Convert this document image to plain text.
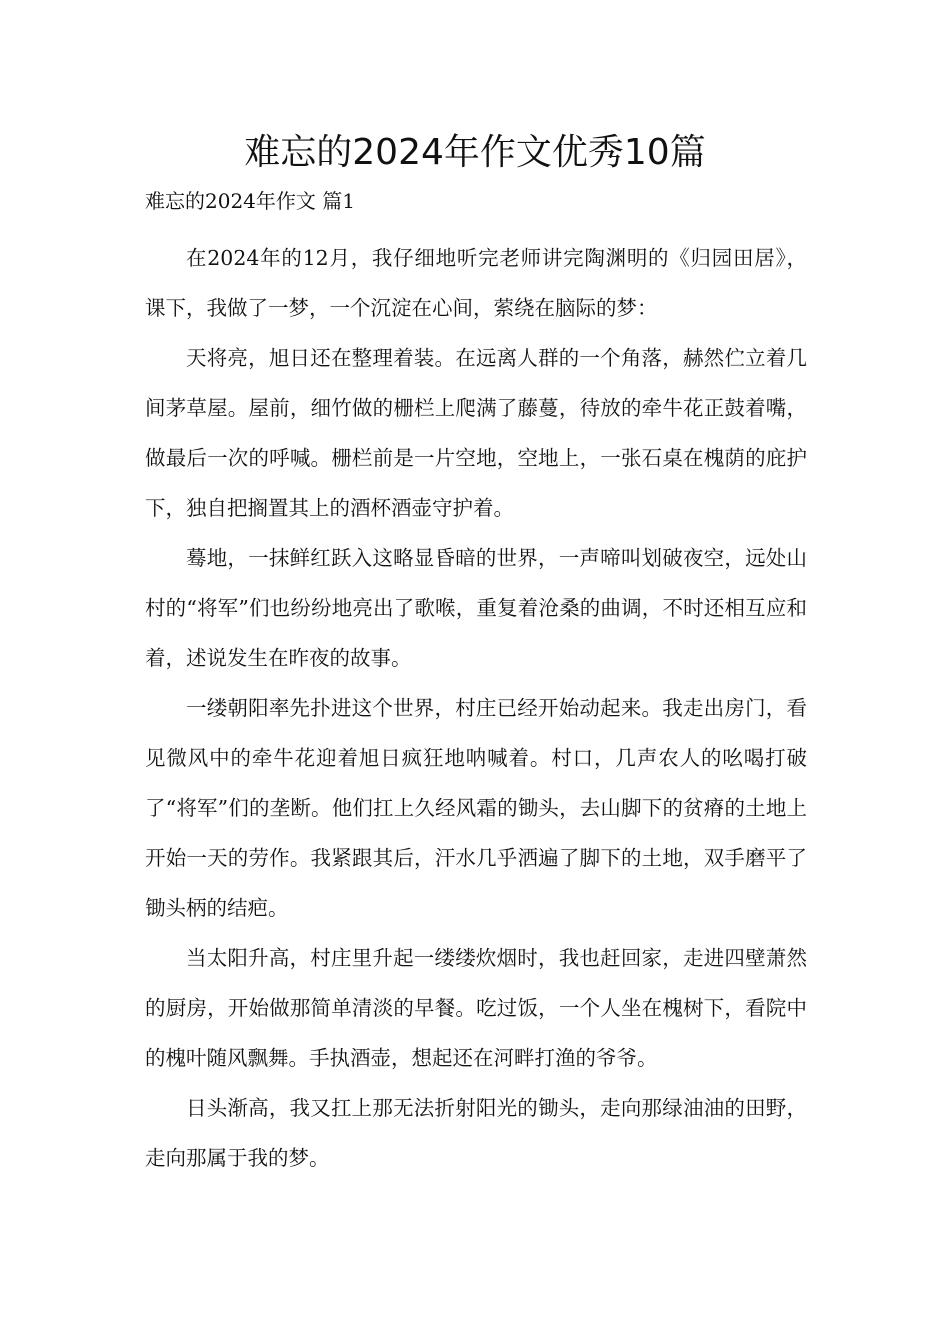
难忘的2024年作文优秀10篇

难忘的2024年作文 篇1

在2024年的12月，我仔细地听完老师讲完陶渊明的《归园田居》，课下，我做了一梦，一个沉淀在心间，萦绕在脑际的梦：

天将亮，旭日还在整理着装。在远离人群的一个角落，赫然伫立着几间茅草屋。屋前，细竹做的栅栏上爬满了藤蔓，待放的牵牛花正鼓着嘴，做最后一次的呼喊。栅栏前是一片空地，空地上，一张石桌在槐荫的庇护下，独自把搁置其上的酒杯酒壶守护着。

蓦地，一抹鲜红跃入这略显昏暗的世界，一声啼叫划破夜空，远处山村的“将军”们也纷纷地亮出了歌喉，重复着沧桑的曲调，不时还相互应和着，述说发生在昨夜的故事。

一缕朝阳率先扑进这个世界，村庄已经开始动起来。我走出房门，看见微风中的牵牛花迎着旭日疯狂地呐喊着。村口，几声农人的吆喝打破了“将军”们的垄断。他们扛上久经风霜的锄头，去山脚下的贫瘠的土地上开始一天的劳作。我紧跟其后，汗水几乎洒遍了脚下的土地，双手磨平了锄头柄的结疤。

当太阳升高，村庄里升起一缕缕炊烟时，我也赶回家，走进四壁萧然的厨房，开始做那简单清淡的早餐。吃过饭，一个人坐在槐树下，看院中的槐叶随风飘舞。手执酒壶，想起还在河畔打渔的爷爷。

日头渐高，我又扛上那无法折射阳光的锄头，走向那绿油油的田野，走向那属于我的梦。
